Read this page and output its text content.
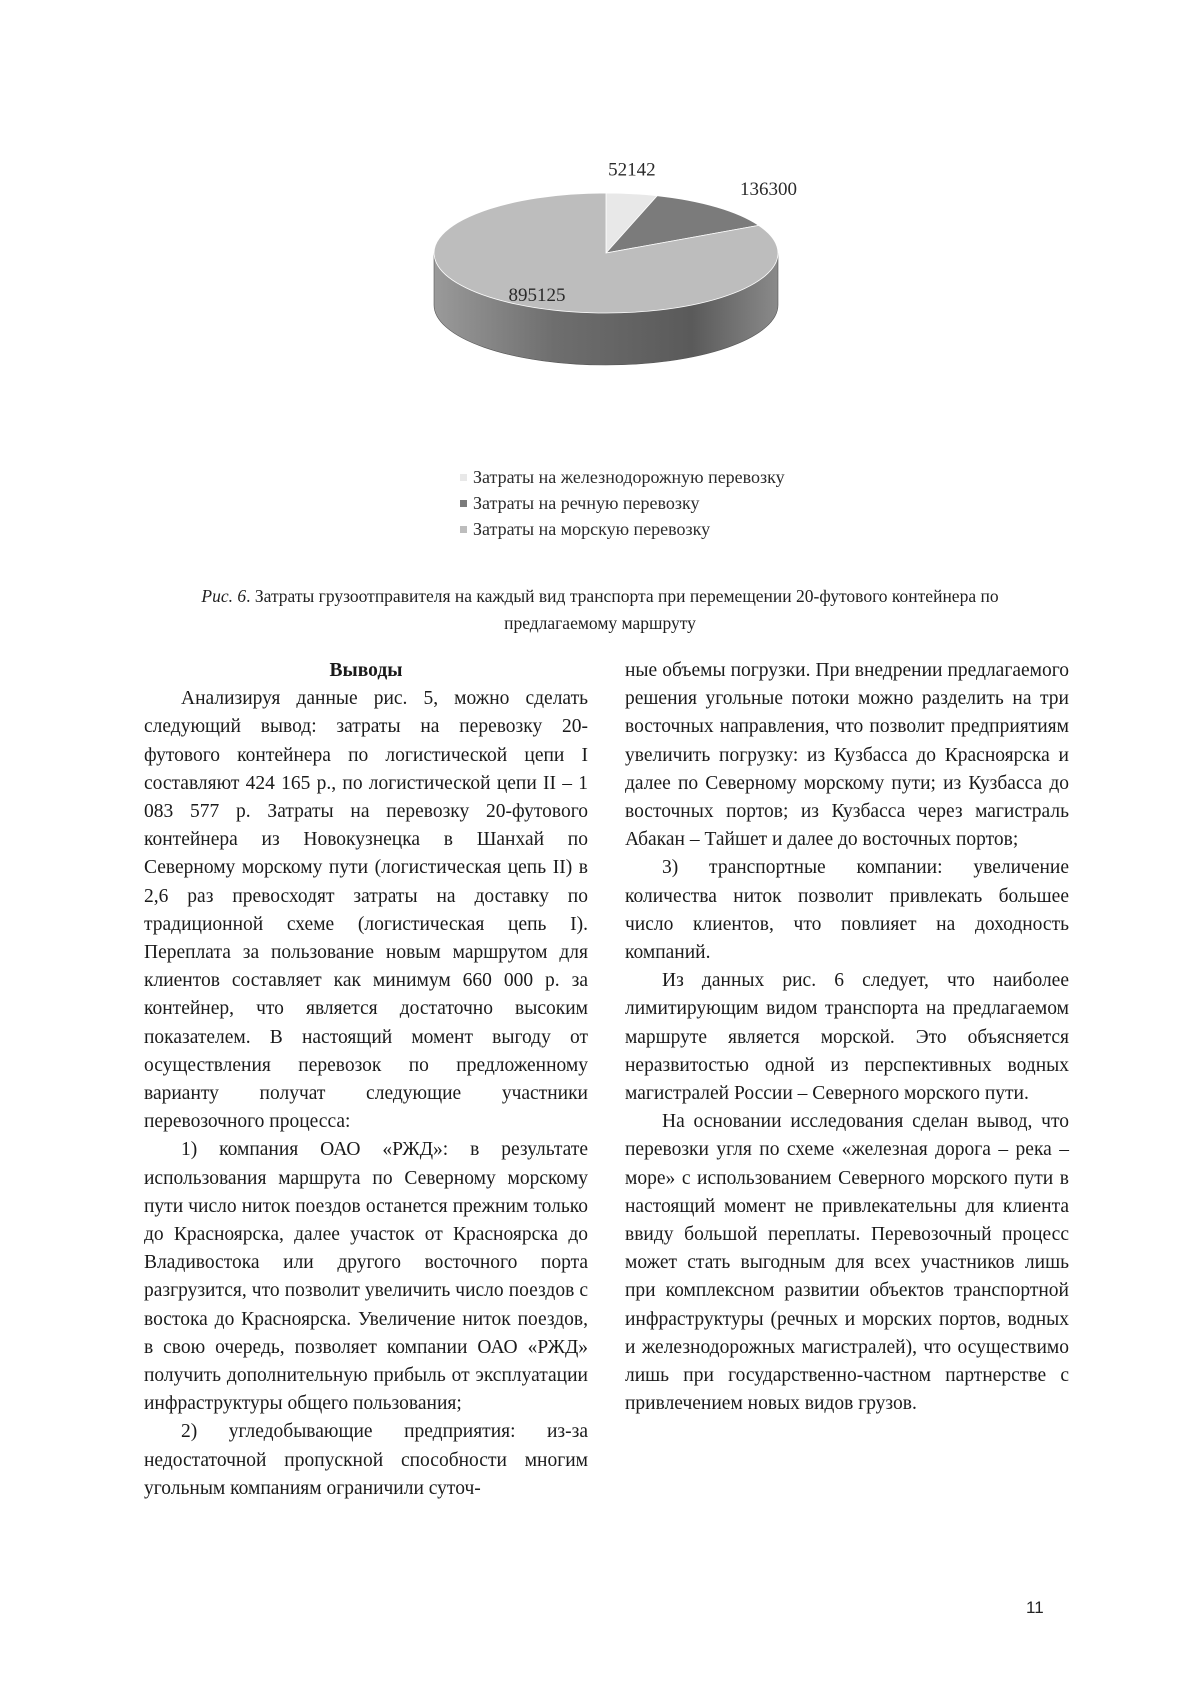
52142
136300
895125
Затраты на железнодорожную перевозку
Затраты на речную перевозку
Затраты на морскую перевозку
Рис. 6. Затраты грузоотправителя на каждый вид транспорта при перемещении 20-футового контейнера по предлагаемому маршруту
Выводы

Анализируя данные рис. 5, можно сделать следующий вывод: затраты на перевозку 20-футового контейнера по логистической цепи I составляют 424 165 р., по логистической цепи II – 1 083 577 р. Затраты на перевозку 20-футового контейнера из Новокузнецка в Шанхай по Северному морскому пути (логистическая цепь II) в 2,6 раз превосходят затраты на доставку по традиционной схеме (логистическая цепь I). Переплата за пользование новым маршрутом для клиентов составляет как минимум 660 000 р. за контейнер, что является достаточно высоким показателем. В настоящий момент выгоду от осуществления перевозок по предложенному варианту получат следующие участники перевозочного процесса:

1) компания ОАО «РЖД»: в результате использования маршрута по Северному морскому пути число ниток поездов останется прежним только до Красноярска, далее участок от Красноярска до Владивостока или другого восточного порта разгрузится, что позволит увеличить число поездов с востока до Красноярска. Увеличение ниток поездов, в свою очередь, позволяет компании ОАО «РЖД» получить дополнительную прибыль от эксплуатации инфраструктуры общего пользования;

2) угледобывающие предприятия: из-за недостаточной пропускной способности многим угольным компаниям ограничили суточ-

ные объемы погрузки. При внедрении предлагаемого решения угольные потоки можно разделить на три восточных направления, что позволит предприятиям увеличить погрузку: из Кузбасса до Красноярска и далее по Северному морскому пути; из Кузбасса до восточных портов; из Кузбасса через магистраль Абакан – Тайшет и далее до восточных портов;

3) транспортные компании: увеличение количества ниток позволит привлекать большее число клиентов, что повлияет на доходность компаний.

Из данных рис. 6 следует, что наиболее лимитирующим видом транспорта на предлагаемом маршруте является морской. Это объясняется неразвитостью одной из перспективных водных магистралей России – Северного морского пути.

На основании исследования сделан вывод, что перевозки угля по схеме «железная дорога – река – море» с использованием Северного морского пути в настоящий момент не привлекательны для клиента ввиду большой переплаты. Перевозочный процесс может стать выгодным для всех участников лишь при комплексном развитии объектов транспортной инфраструктуры (речных и морских портов, водных и железнодорожных магистралей), что осуществимо лишь при государственно-частном партнерстве с привлечением новых видов грузов.

11
